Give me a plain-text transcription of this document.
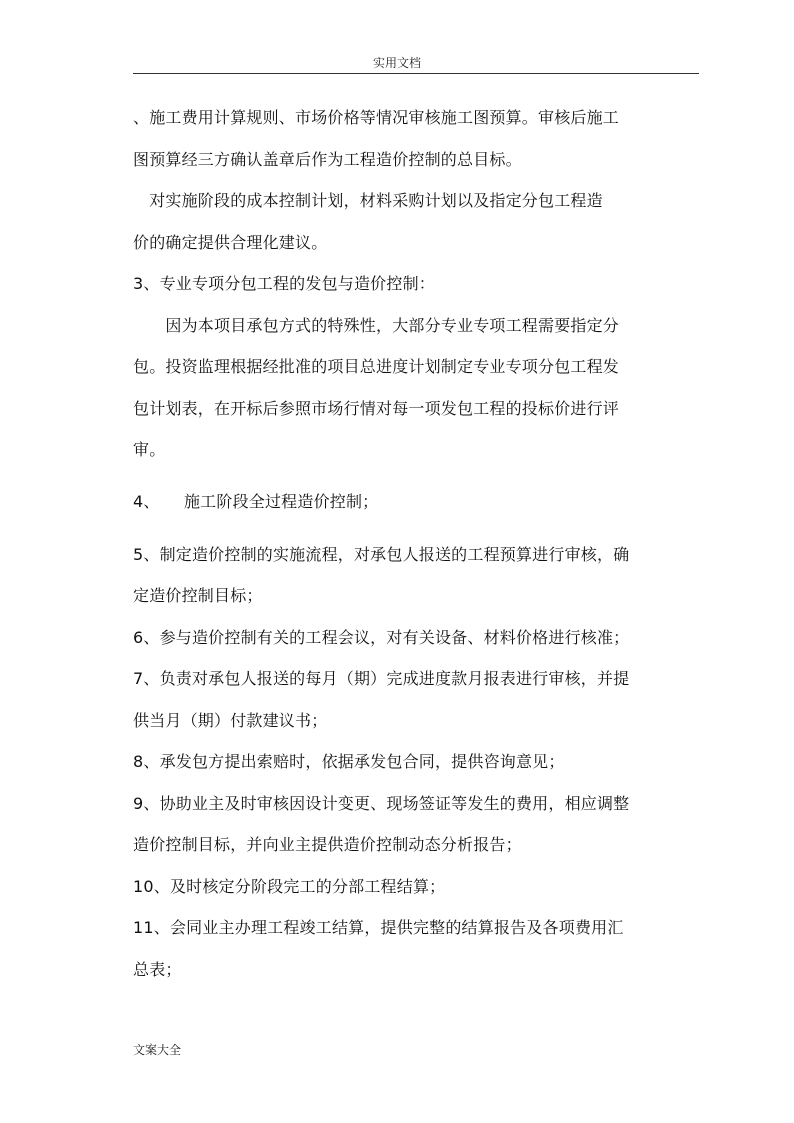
实用文档
、施工费用计算规则、市场价格等情况审核施工图预算。审核后施工
图预算经三方确认盖章后作为工程造价控制的总目标。
　对实施阶段的成本控制计划，材料采购计划以及指定分包工程造
价的确定提供合理化建议。
3、专业专项分包工程的发包与造价控制：
　　因为本项目承包方式的特殊性，大部分专业专项工程需要指定分
包。投资监理根据经批准的项目总进度计划制定专业专项分包工程发
包计划表，在开标后参照市场行情对每一项发包工程的投标价进行评
审。
4、　　施工阶段全过程造价控制；
5、制定造价控制的实施流程，对承包人报送的工程预算进行审核，确
定造价控制目标；
6、参与造价控制有关的工程会议，对有关设备、材料价格进行核准；
7、负责对承包人报送的每月（期）完成进度款月报表进行审核，并提
供当月（期）付款建议书；
8、承发包方提出索赔时，依据承发包合同，提供咨询意见；
9、协助业主及时审核因设计变更、现场签证等发生的费用，相应调整
造价控制目标，并向业主提供造价控制动态分析报告；
10、及时核定分阶段完工的分部工程结算；
11、会同业主办理工程竣工结算，提供完整的结算报告及各项费用汇
总表；
文案大全
